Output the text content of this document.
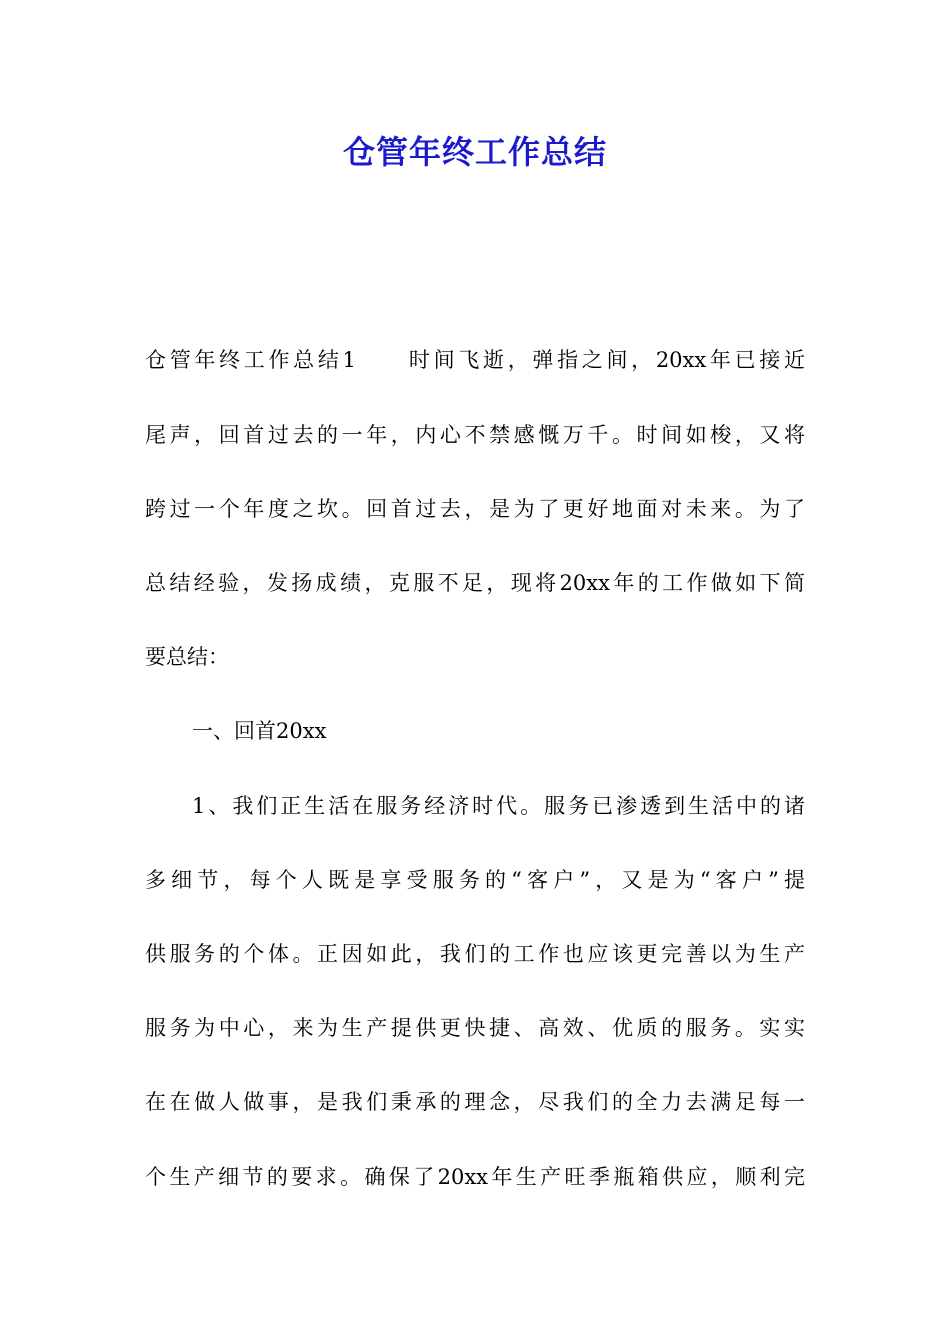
仓管年终工作总结
仓管年终工作总结1　　时间飞逝，弹指之间，20xx年已接近
尾声，回首过去的一年，内心不禁感慨万千。时间如梭，又将
跨过一个年度之坎。回首过去，是为了更好地面对未来。为了
总结经验，发扬成绩，克服不足，现将20xx年的工作做如下简
要总结：
一、回首20xx
1、我们正生活在服务经济时代。服务已渗透到生活中的诸
多细节，每个人既是享受服务的“客户”，又是为“客户”提
供服务的个体。正因如此，我们的工作也应该更完善以为生产
服务为中心，来为生产提供更快捷、高效、优质的服务。实实
在在做人做事，是我们秉承的理念，尽我们的全力去满足每一
个生产细节的要求。确保了20xx年生产旺季瓶箱供应，顺利完
